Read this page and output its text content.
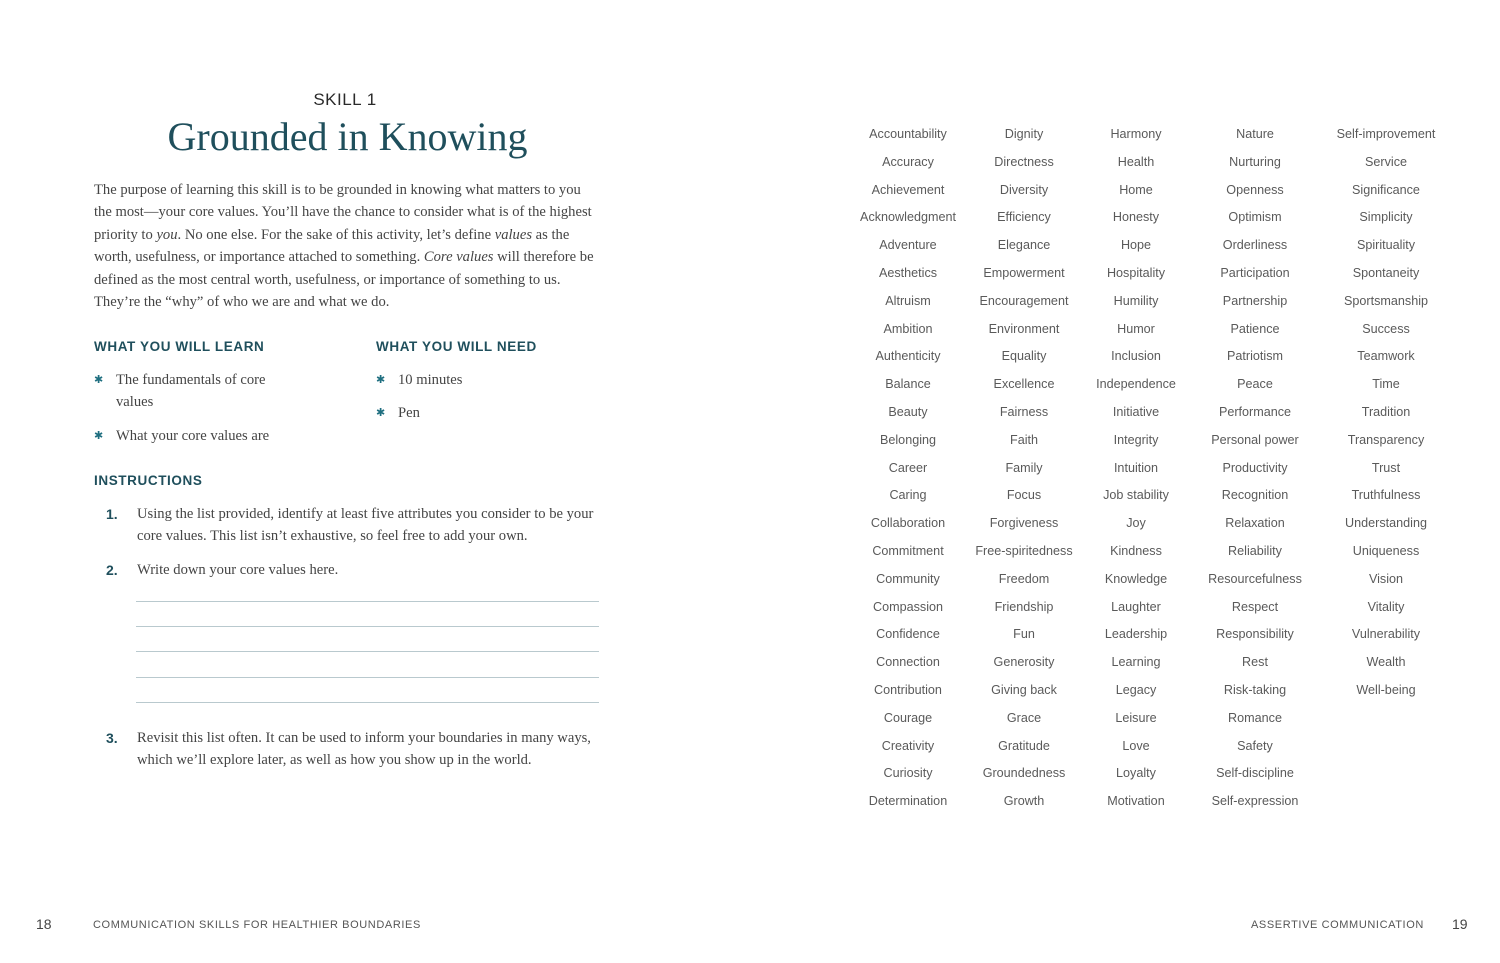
SKILL 1
Grounded in Knowing
The purpose of learning this skill is to be grounded in knowing what matters to you the most—your core values. You’ll have the chance to consider what is of the highest priority to you. No one else. For the sake of this activity, let’s define values as the worth, usefulness, or importance attached to something. Core values will therefore be defined as the most central worth, usefulness, or importance of something to us. They’re the “why” of who we are and what we do.
WHAT YOU WILL LEARN	WHAT YOU WILL NEED
✱ The fundamentals of core values
✱ What your core values are
✱ 10 minutes
✱ Pen
INSTRUCTIONS
1. Using the list provided, identify at least five attributes you consider to be your core values. This list isn’t exhaustive, so feel free to add your own.
2. Write down your core values here.
3. Revisit this list often. It can be used to inform your boundaries in many ways, which we’ll explore later, as well as how you show up in the world.
18	COMMUNICATION SKILLS FOR HEALTHIER BOUNDARIES
Accountability
Accuracy
Achievement
Acknowledgment
Adventure
Aesthetics
Altruism
Ambition
Authenticity
Balance
Beauty
Belonging
Career
Caring
Collaboration
Commitment
Community
Compassion
Confidence
Connection
Contribution
Courage
Creativity
Curiosity
Determination
Dignity
Directness
Diversity
Efficiency
Elegance
Empowerment
Encouragement
Environment
Equality
Excellence
Fairness
Faith
Family
Focus
Forgiveness
Free-spiritedness
Freedom
Friendship
Fun
Generosity
Giving back
Grace
Gratitude
Groundedness
Growth
Harmony
Health
Home
Honesty
Hope
Hospitality
Humility
Humor
Inclusion
Independence
Initiative
Integrity
Intuition
Job stability
Joy
Kindness
Knowledge
Laughter
Leadership
Learning
Legacy
Leisure
Love
Loyalty
Motivation
Nature
Nurturing
Openness
Optimism
Orderliness
Participation
Partnership
Patience
Patriotism
Peace
Performance
Personal power
Productivity
Recognition
Relaxation
Reliability
Resourcefulness
Respect
Responsibility
Rest
Risk-taking
Romance
Safety
Self-discipline
Self-expression
Self-improvement
Service
Significance
Simplicity
Spirituality
Spontaneity
Sportsmanship
Success
Teamwork
Time
Tradition
Transparency
Trust
Truthfulness
Understanding
Uniqueness
Vision
Vitality
Vulnerability
Wealth
Well-being
ASSERTIVE COMMUNICATION 19
